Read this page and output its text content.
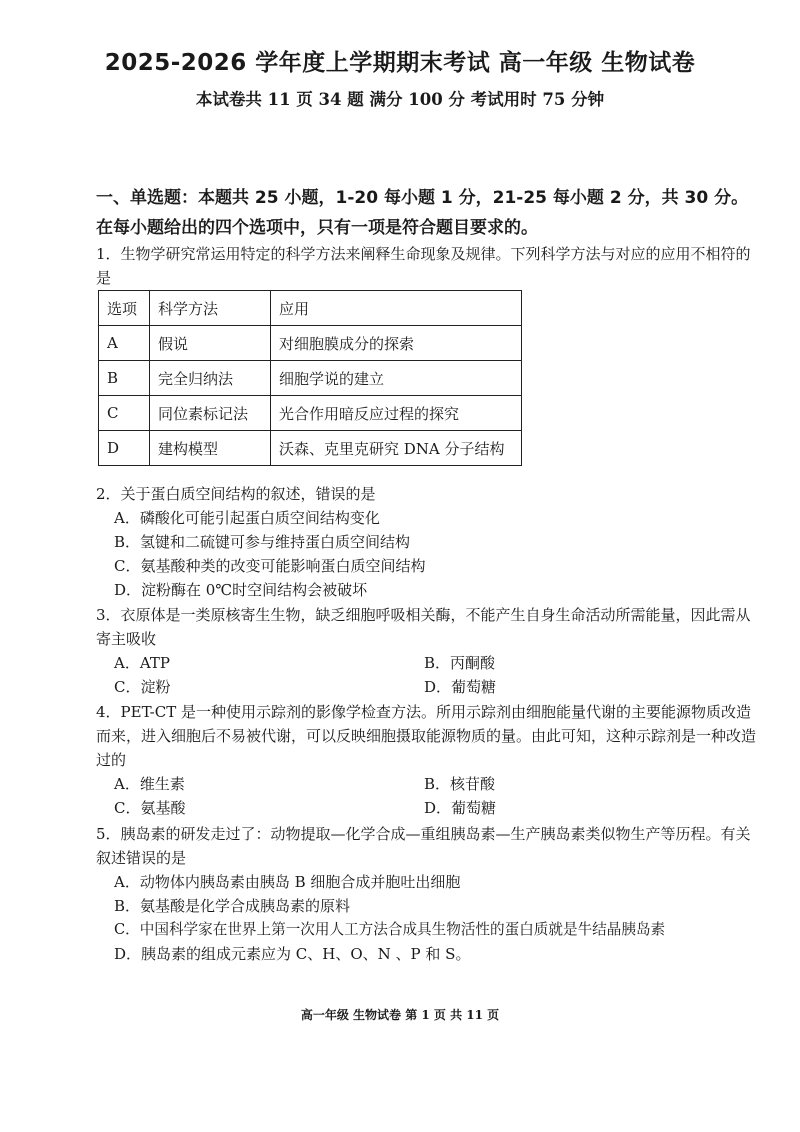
2025-2026 学年度上学期期末考试 高一年级 生物试卷
本试卷共 11 页 34 题 满分 100 分 考试用时 75 分钟
一、单选题：本题共 25 小题，1-20 每小题 1 分，21-25 每小题 2 分，共 30 分。在每小题给出的四个选项中，只有一项是符合题目要求的。
1．生物学研究常运用特定的科学方法来阐释生命现象及规律。下列科学方法与对应的应用不相符的是
选项	科学方法	应用
A	假说	对细胞膜成分的探索
B	完全归纳法	细胞学说的建立
C	同位素标记法	光合作用暗反应过程的探究
D	建构模型	沃森、克里克研究 DNA 分子结构
2．关于蛋白质空间结构的叙述，错误的是
A．磷酸化可能引起蛋白质空间结构变化
B．氢键和二硫键可参与维持蛋白质空间结构
C．氨基酸种类的改变可能影响蛋白质空间结构
D．淀粉酶在 0℃时空间结构会被破坏
3．衣原体是一类原核寄生生物，缺乏细胞呼吸相关酶，不能产生自身生命活动所需能量，因此需从寄主吸收
A．ATP	B．丙酮酸
C．淀粉	D．葡萄糖
4．PET-CT 是一种使用示踪剂的影像学检查方法。所用示踪剂由细胞能量代谢的主要能源物质改造而来，进入细胞后不易被代谢，可以反映细胞摄取能源物质的量。由此可知，这种示踪剂是一种改造过的
A．维生素	B．核苷酸
C．氨基酸	D．葡萄糖
5．胰岛素的研发走过了：动物提取—化学合成—重组胰岛素—生产胰岛素类似物生产等历程。有关叙述错误的是
A．动物体内胰岛素由胰岛 B 细胞合成并胞吐出细胞
B．氨基酸是化学合成胰岛素的原料
C．中国科学家在世界上第一次用人工方法合成具生物活性的蛋白质就是牛结晶胰岛素
D．胰岛素的组成元素应为 C、H、O、N 、P 和 S。
高一年级 生物试卷 第 1 页 共 11 页
